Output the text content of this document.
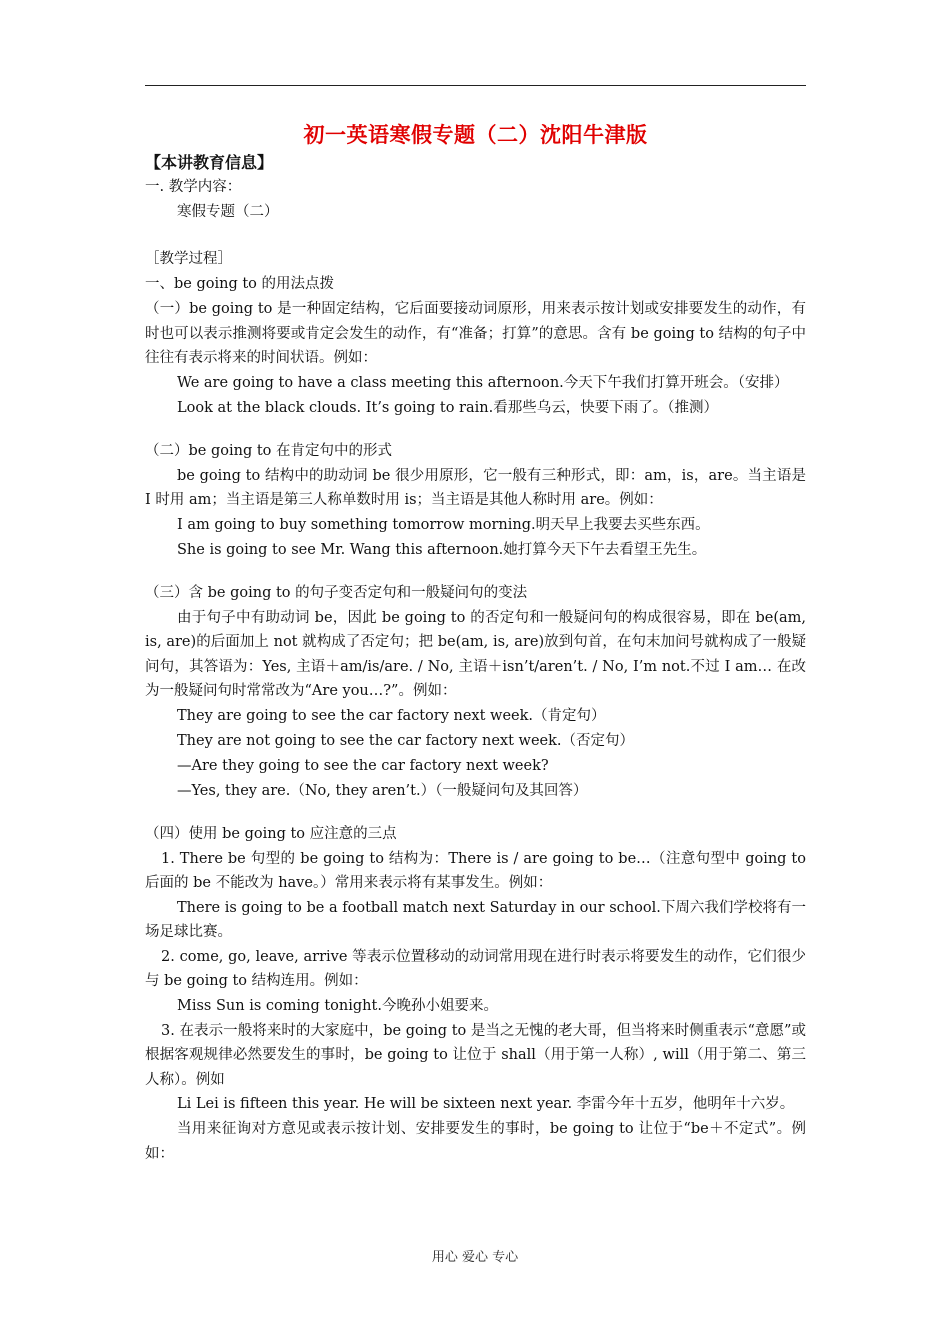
初一英语寒假专题（二）沈阳牛津版

【本讲教育信息】

一. 教学内容：

寒假专题（二）

［教学过程］

一、be going to 的用法点拨

（一）be going to 是一种固定结构，它后面要接动词原形，用来表示按计划或安排要发生的动作，有时也可以表示推测将要或肯定会发生的动作，有“准备；打算”的意思。含有 be going to 结构的句子中往往有表示将来的时间状语。例如：

We are going to have a class meeting this afternoon.今天下午我们打算开班会。（安排）

Look at the black clouds. It’s going to rain.看那些乌云，快要下雨了。（推测）

（二）be going to 在肯定句中的形式

be going to 结构中的助动词 be 很少用原形，它一般有三种形式，即：am，is，are。当主语是 I 时用 am；当主语是第三人称单数时用 is；当主语是其他人称时用 are。例如：

I am going to buy something tomorrow morning.明天早上我要去买些东西。

She is going to see Mr. Wang this afternoon.她打算今天下午去看望王先生。

（三）含 be going to 的句子变否定句和一般疑问句的变法

由于句子中有助动词 be，因此 be going to 的否定句和一般疑问句的构成很容易，即在 be(am, is, are)的后面加上 not 就构成了否定句；把 be(am, is, are)放到句首，在句末加问号就构成了一般疑问句，其答语为：Yes, 主语＋am/is/are. / No, 主语＋isn’t/aren’t. / No, I’m not.不过 I am… 在改为一般疑问句时常常改为“Are you…?”。例如：

They are going to see the car factory next week.（肯定句）

They are not going to see the car factory next week.（否定句）

—Are they going to see the car factory next week?

—Yes, they are.（No, they aren’t.）（一般疑问句及其回答）

（四）使用 be going to 应注意的三点

1. There be 句型的 be going to 结构为：There is / are going to be…（注意句型中 going to 后面的 be 不能改为 have。）常用来表示将有某事发生。例如：

There is going to be a football match next Saturday in our school.下周六我们学校将有一场足球比赛。

2. come, go, leave, arrive 等表示位置移动的动词常用现在进行时表示将要发生的动作，它们很少与 be going to 结构连用。例如：

Miss Sun is coming tonight.今晚孙小姐要来。

3. 在表示一般将来时的大家庭中，be going to 是当之无愧的老大哥，但当将来时侧重表示“意愿”或根据客观规律必然要发生的事时，be going to 让位于 shall（用于第一人称）, will（用于第二、第三人称）。例如

Li Lei is fifteen this year. He will be sixteen next year. 李雷今年十五岁，他明年十六岁。

当用来征询对方意见或表示按计划、安排要发生的事时，be going to 让位于“be＋不定式”。例如：

用心 爱心 专心
